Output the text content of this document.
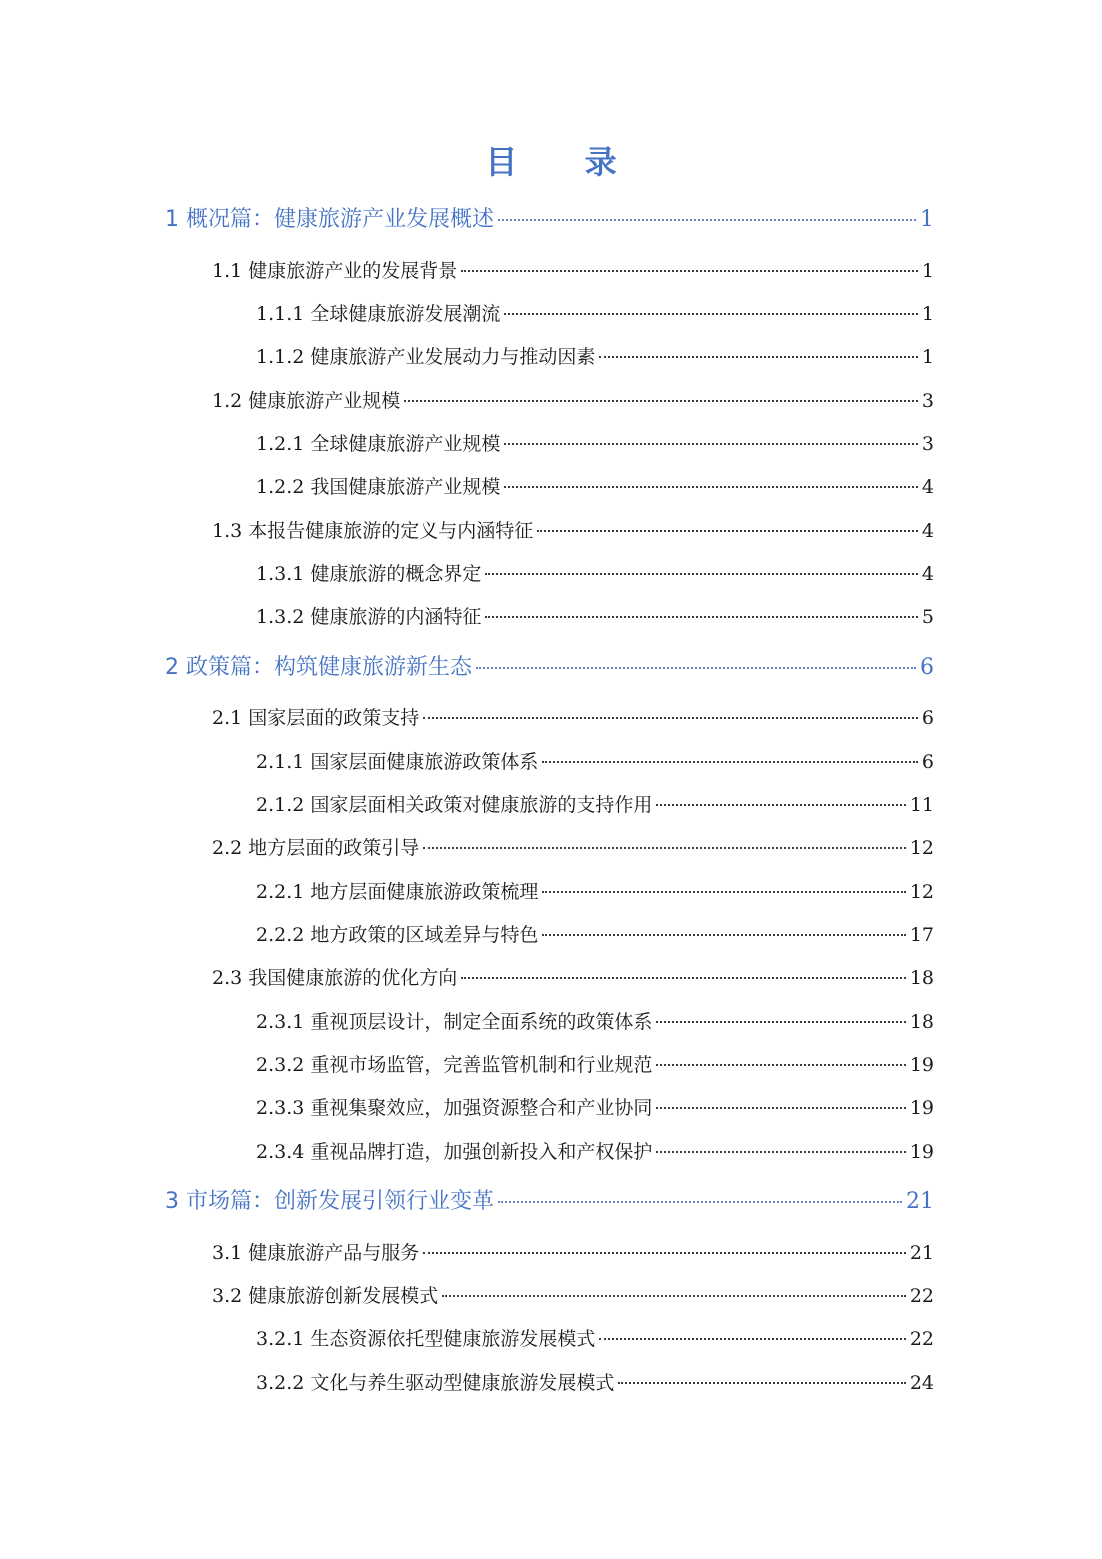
目 录
1 概况篇：健康旅游产业发展概述	1
1.1 健康旅游产业的发展背景	1
1.1.1 全球健康旅游发展潮流	1
1.1.2 健康旅游产业发展动力与推动因素	1
1.2 健康旅游产业规模	3
1.2.1 全球健康旅游产业规模	3
1.2.2 我国健康旅游产业规模	4
1.3 本报告健康旅游的定义与内涵特征	4
1.3.1 健康旅游的概念界定	4
1.3.2 健康旅游的内涵特征	5
2 政策篇：构筑健康旅游新生态	6
2.1 国家层面的政策支持	6
2.1.1 国家层面健康旅游政策体系	6
2.1.2 国家层面相关政策对健康旅游的支持作用	11
2.2 地方层面的政策引导	12
2.2.1 地方层面健康旅游政策梳理	12
2.2.2 地方政策的区域差异与特色	17
2.3 我国健康旅游的优化方向	18
2.3.1 重视顶层设计，制定全面系统的政策体系	18
2.3.2 重视市场监管，完善监管机制和行业规范	19
2.3.3 重视集聚效应，加强资源整合和产业协同	19
2.3.4 重视品牌打造，加强创新投入和产权保护	19
3 市场篇：创新发展引领行业变革	21
3.1 健康旅游产品与服务	21
3.2 健康旅游创新发展模式	22
3.2.1 生态资源依托型健康旅游发展模式	22
3.2.2 文化与养生驱动型健康旅游发展模式	24
